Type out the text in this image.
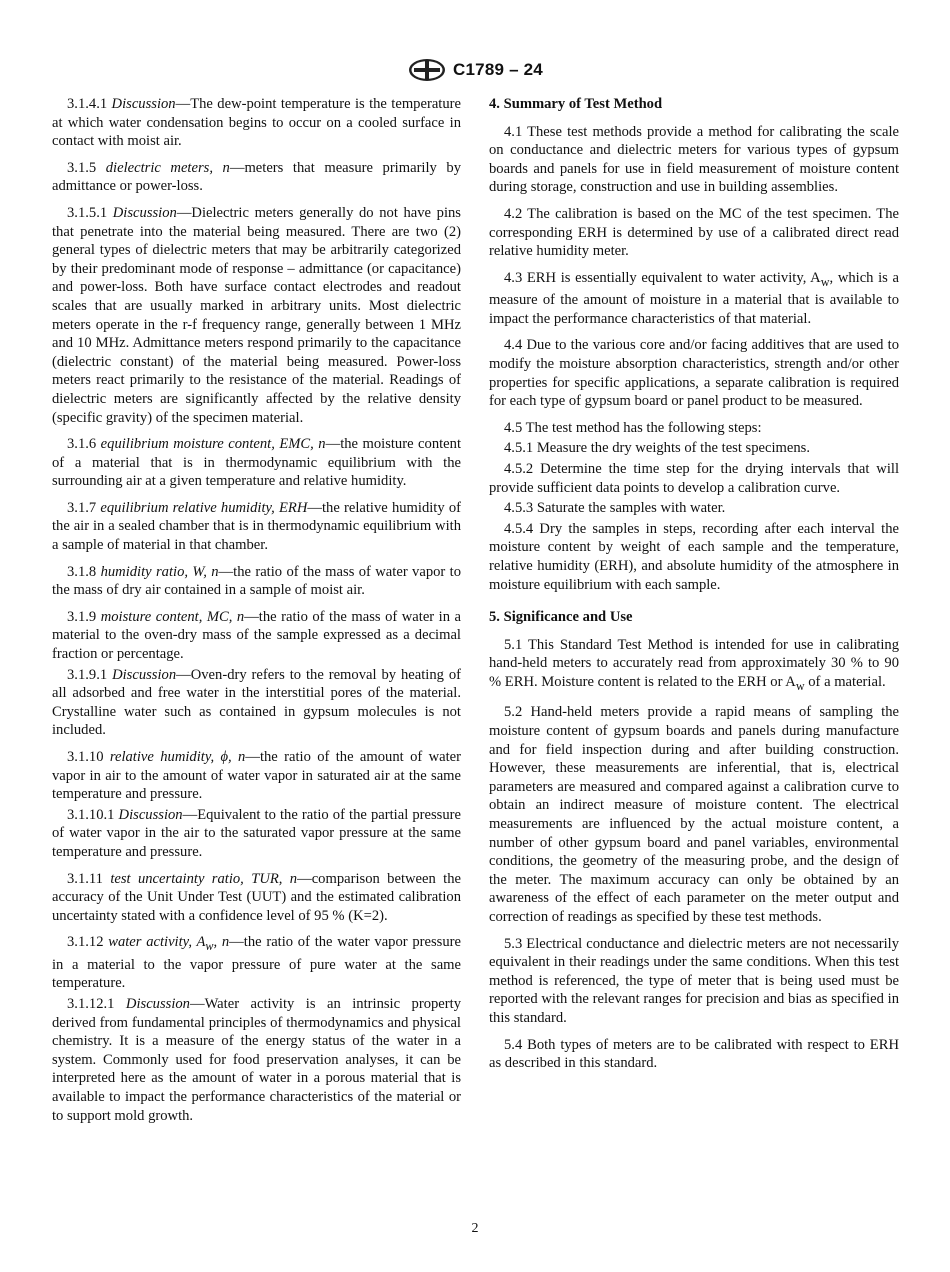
C1789 – 24

3.1.4.1 Discussion—The dew-point temperature is the temperature at which water condensation begins to occur on a cooled surface in contact with moist air.

3.1.5 dielectric meters, n—meters that measure primarily by admittance or power-loss.

3.1.5.1 Discussion—Dielectric meters generally do not have pins that penetrate into the material being measured. There are two (2) general types of dielectric meters that may be arbitrarily categorized by their predominant mode of response – admittance (or capacitance) and power-loss. Both have surface contact electrodes and readout scales that are usually marked in arbitrary units. Most dielectric meters operate in the r-f frequency range, generally between 1 MHz and 10 MHz. Admittance meters respond primarily to the capacitance (dielectric constant) of the material being measured. Power-loss meters react primarily to the resistance of the material. Readings of dielectric meters are significantly affected by the relative density (specific gravity) of the specimen material.

3.1.6 equilibrium moisture content, EMC, n—the moisture content of a material that is in thermodynamic equilibrium with the surrounding air at a given temperature and relative humidity.

3.1.7 equilibrium relative humidity, ERH—the relative humidity of the air in a sealed chamber that is in thermodynamic equilibrium with a sample of material in that chamber.

3.1.8 humidity ratio, W, n—the ratio of the mass of water vapor to the mass of dry air contained in a sample of moist air.

3.1.9 moisture content, MC, n—the ratio of the mass of water in a material to the oven-dry mass of the sample expressed as a decimal fraction or percentage.

3.1.9.1 Discussion—Oven-dry refers to the removal by heating of all adsorbed and free water in the interstitial pores of the material. Crystalline water such as contained in gypsum molecules is not included.

3.1.10 relative humidity, ϕ, n—the ratio of the amount of water vapor in air to the amount of water vapor in saturated air at the same temperature and pressure.

3.1.10.1 Discussion—Equivalent to the ratio of the partial pressure of water vapor in the air to the saturated vapor pressure at the same temperature and pressure.

3.1.11 test uncertainty ratio, TUR, n—comparison between the accuracy of the Unit Under Test (UUT) and the estimated calibration uncertainty stated with a confidence level of 95 % (K=2).

3.1.12 water activity, $A_w$, n—the ratio of the water vapor pressure in a material to the vapor pressure of pure water at the same temperature.

3.1.12.1 Discussion—Water activity is an intrinsic property derived from fundamental principles of thermodynamics and physical chemistry. It is a measure of the energy status of the water in a system. Commonly used for food preservation analyses, it can be interpreted here as the amount of water in a porous material that is available to impact the performance characteristics of the material or to support mold growth.

4. Summary of Test Method

4.1 These test methods provide a method for calibrating the scale on conductance and dielectric meters for various types of gypsum boards and panels for use in field measurement of moisture content during storage, construction and use in building assemblies.

4.2 The calibration is based on the MC of the test specimen. The corresponding ERH is determined by use of a calibrated direct read relative humidity meter.

4.3 ERH is essentially equivalent to water activity, $A_w$, which is a measure of the amount of moisture in a material that is available to impact the performance characteristics of that material.

4.4 Due to the various core and/or facing additives that are used to modify the moisture absorption characteristics, strength and/or other properties for specific applications, a separate calibration is required for each type of gypsum board or panel product to be measured.

4.5 The test method has the following steps:

4.5.1 Measure the dry weights of the test specimens.

4.5.2 Determine the time step for the drying intervals that will provide sufficient data points to develop a calibration curve.

4.5.3 Saturate the samples with water.

4.5.4 Dry the samples in steps, recording after each interval the moisture content by weight of each sample and the temperature, relative humidity (ERH), and absolute humidity of the atmosphere in moisture equilibrium with each sample.

5. Significance and Use

5.1 This Standard Test Method is intended for use in calibrating hand-held meters to accurately read from approximately 30 % to 90 % ERH. Moisture content is related to the ERH or $A_w$ of a material.

5.2 Hand-held meters provide a rapid means of sampling the moisture content of gypsum boards and panels during manufacture and for field inspection during and after building construction. However, these measurements are inferential, that is, electrical parameters are measured and compared against a calibration curve to obtain an indirect measure of moisture content. The electrical measurements are influenced by the actual moisture content, a number of other gypsum board and panel variables, environmental conditions, the geometry of the measuring probe, and the design of the meter. The maximum accuracy can only be obtained by an awareness of the effect of each parameter on the meter output and correction of readings as specified by these test methods.

5.3 Electrical conductance and dielectric meters are not necessarily equivalent in their readings under the same conditions. When this test method is referenced, the type of meter that is being used must be reported with the relevant ranges for precision and bias as specified in this standard.

5.4 Both types of meters are to be calibrated with respect to ERH as described in this standard.

2
